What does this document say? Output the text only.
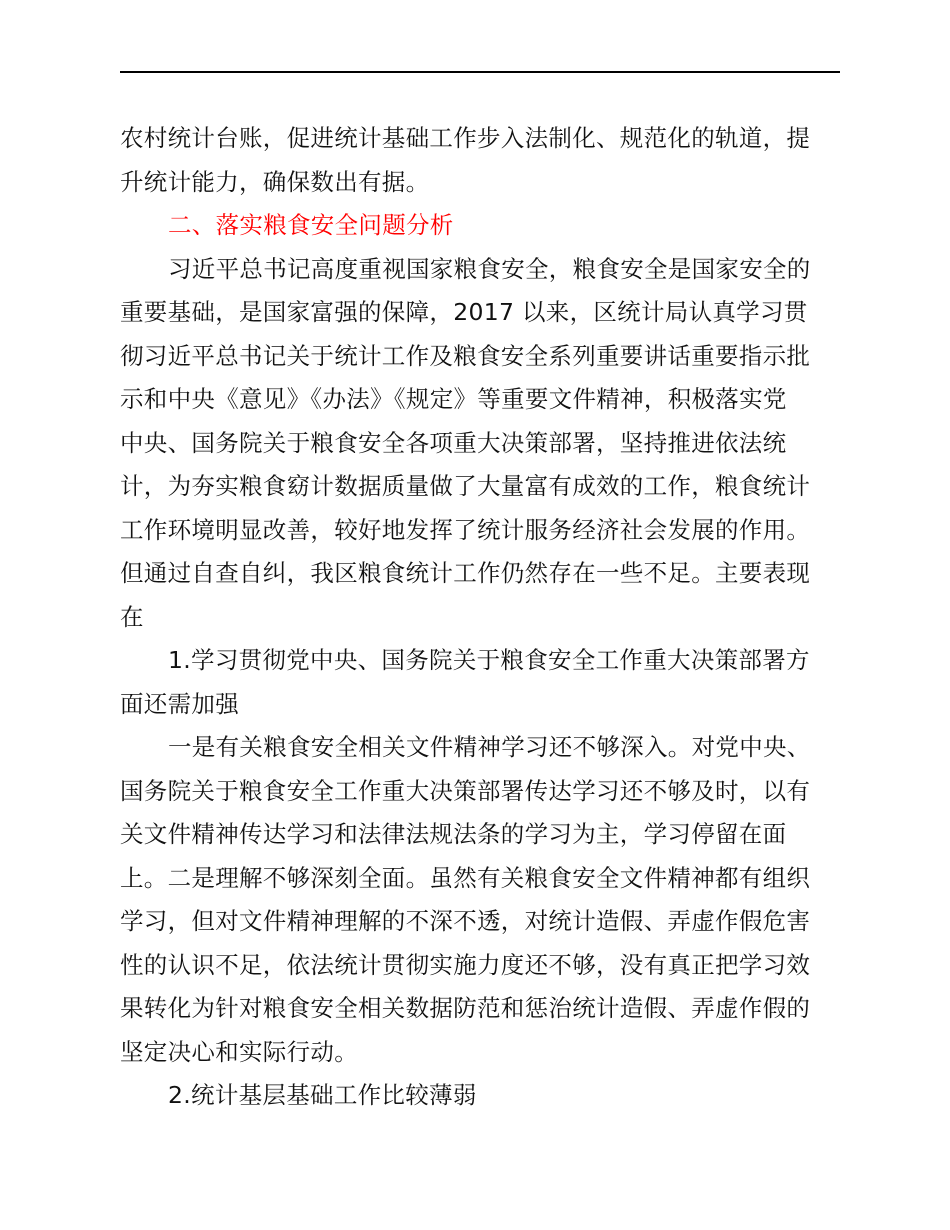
农村统计台账，促进统计基础工作步入法制化、规范化的轨道，提
升统计能力，确保数出有据。
二、落实粮食安全问题分析
习近平总书记高度重视国家粮食安全，粮食安全是国家安全的
重要基础，是国家富强的保障，2017 以来，区统计局认真学习贯
彻习近平总书记关于统计工作及粮食安全系列重要讲话重要指示批
示和中央《意见》《办法》《规定》等重要文件精神，积极落实党
中央、国务院关于粮食安全各项重大决策部署，坚持推进依法统
计，为夯实粮食窈计数据质量做了大量富有成效的工作，粮食统计
工作环境明显改善，较好地发挥了统计服务经济社会发展的作用。
但通过自查自纠，我区粮食统计工作仍然存在一些不足。主要表现
在
1.学习贯彻党中央、国务院关于粮食安全工作重大决策部署方
面还需加强
一是有关粮食安全相关文件精神学习还不够深入。对党中央、
国务院关于粮食安全工作重大决策部署传达学习还不够及时，以有
关文件精神传达学习和法律法规法条的学习为主，学习停留在面
上。二是理解不够深刻全面。虽然有关粮食安全文件精神都有组织
学习，但对文件精神理解的不深不透，对统计造假、弄虚作假危害
性的认识不足，依法统计贯彻实施力度还不够，没有真正把学习效
果转化为针对粮食安全相关数据防范和惩治统计造假、弄虚作假的
坚定决心和实际行动。
2.统计基层基础工作比较薄弱
